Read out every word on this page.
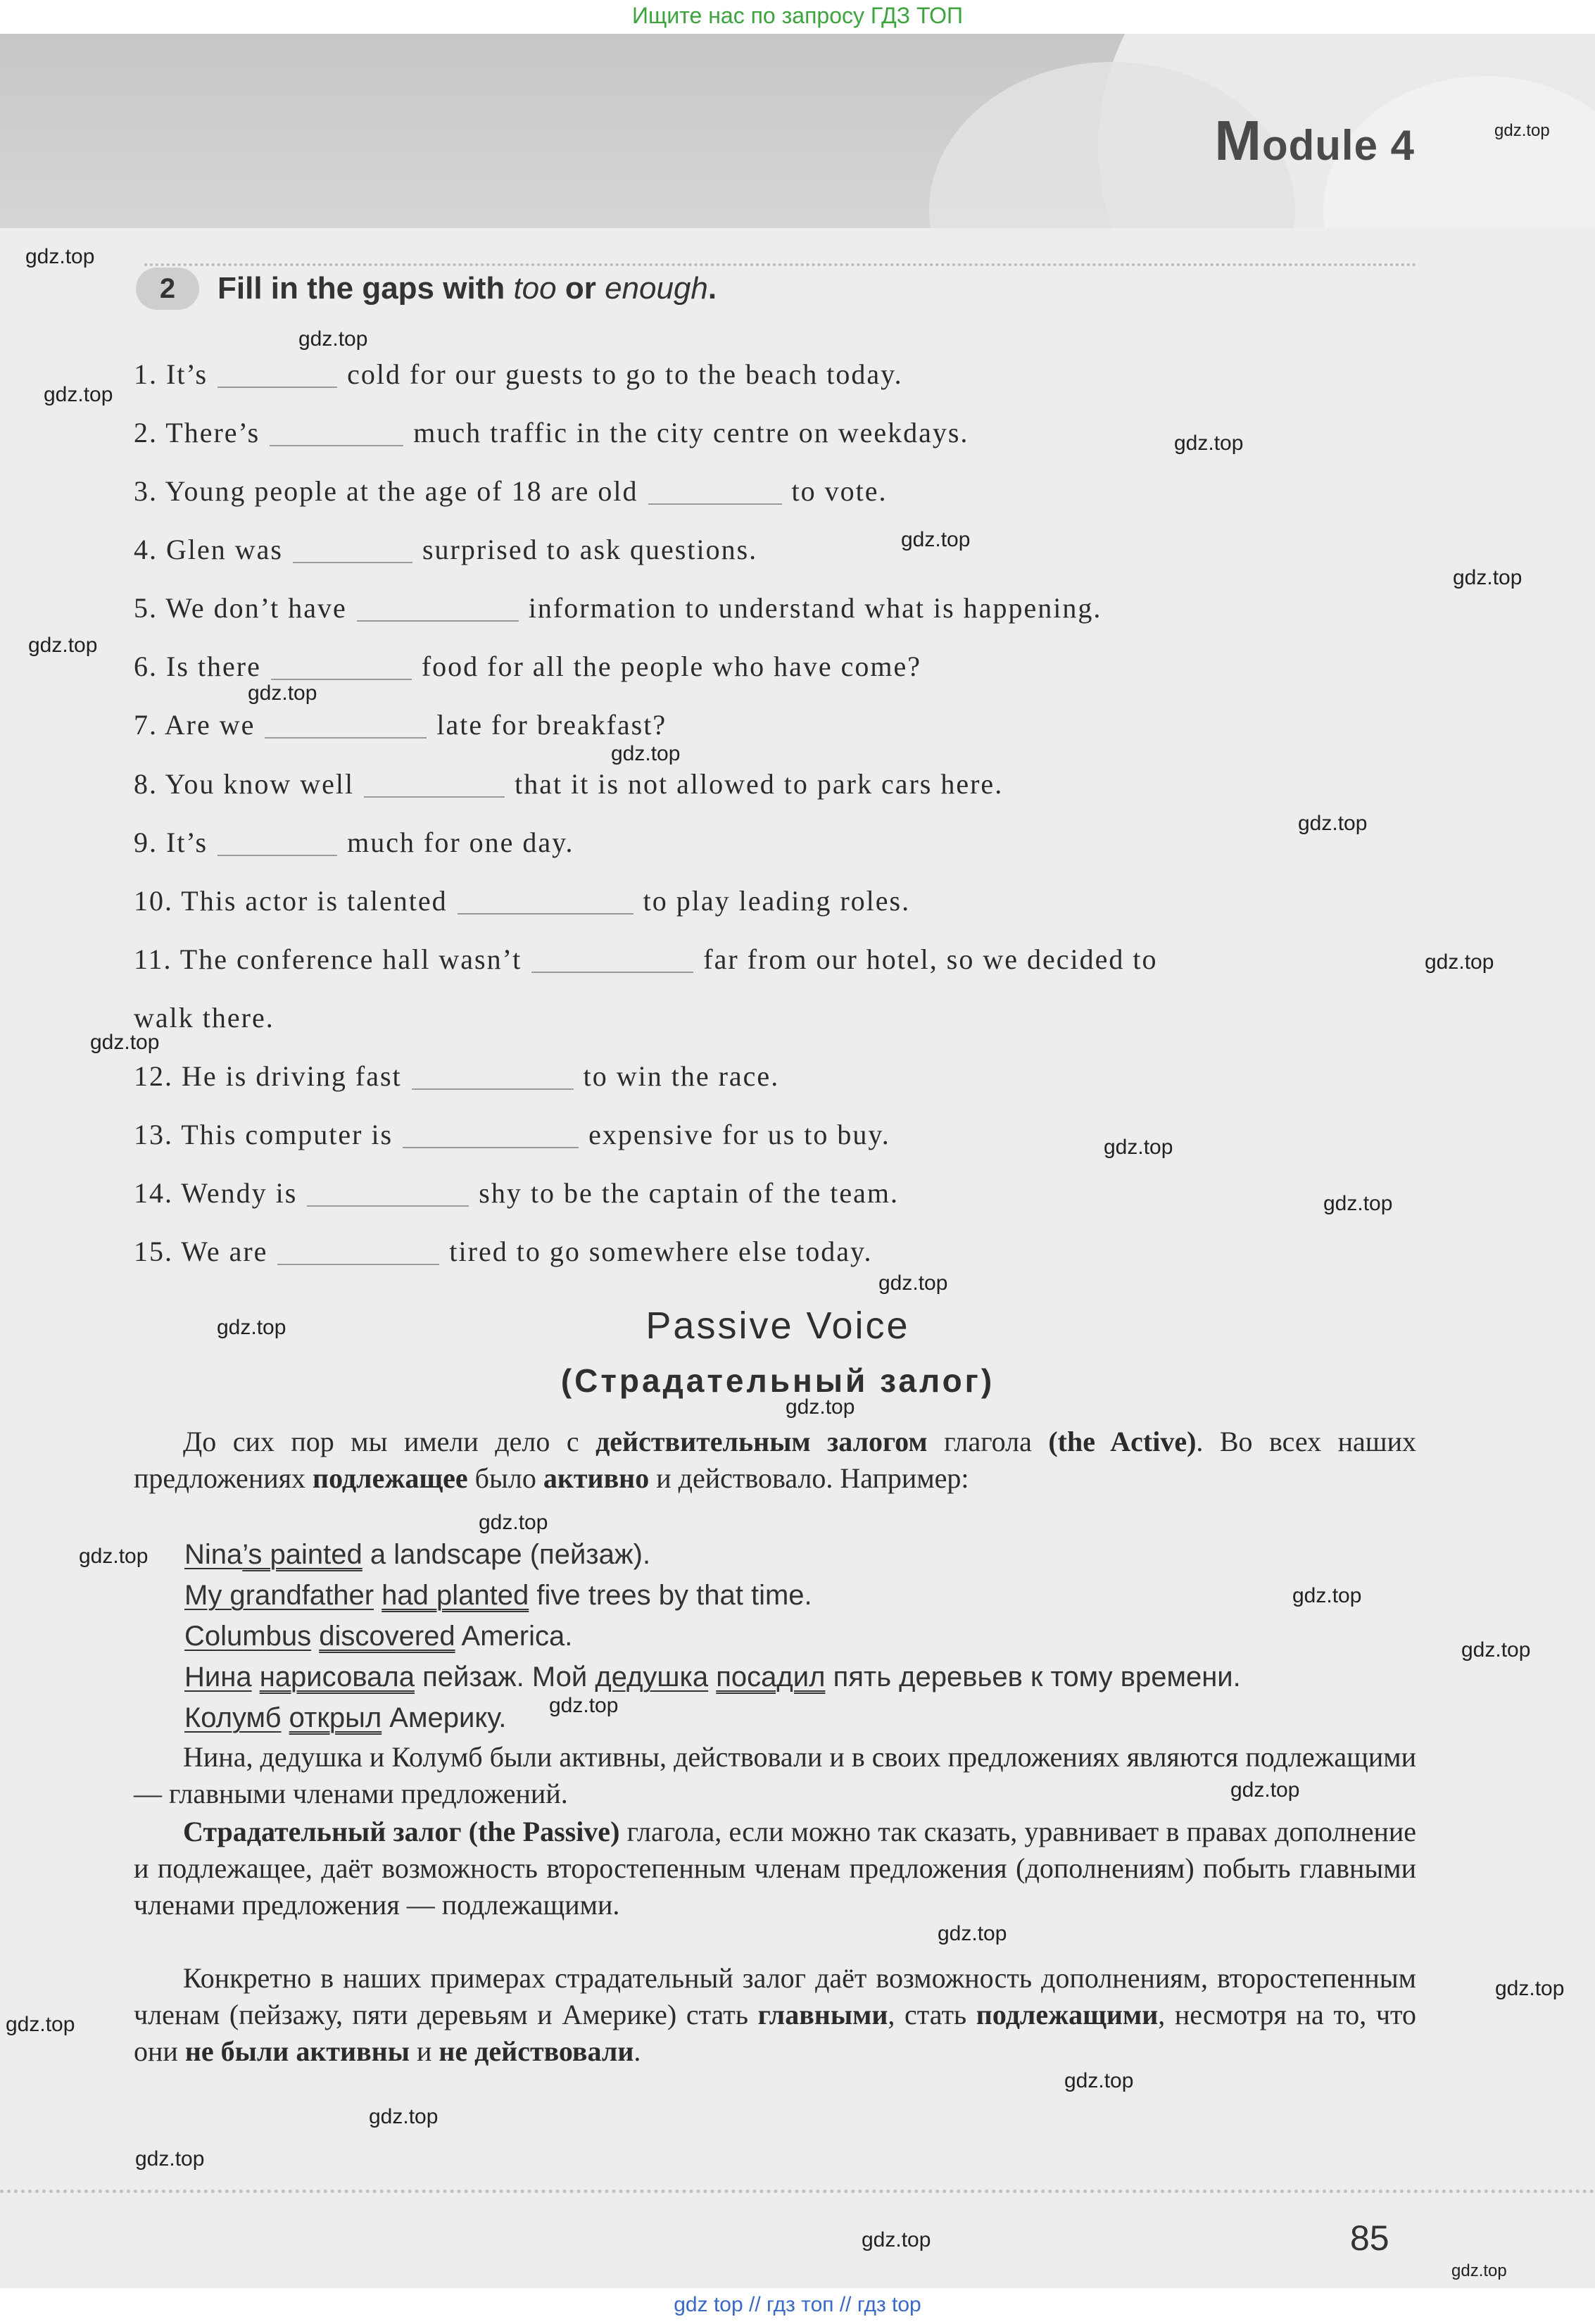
Ищите нас по запросу ГДЗ ТОП
Module 4
2	Fill in the gaps with too or enough.
1. It’s	cold for our guests to go to the beach today.
2. There’s	much traffic in the city centre on weekdays.
3. Young people at the age of 18 are old	to vote.
4. Glen was	surprised to ask questions.
5. We don’t have	information to understand what is happening.
6. Is there	food for all the people who have come?
7. Are we	late for breakfast?
8. You know well	that it is not allowed to park cars here.
9. It’s	much for one day.
10. This actor is talented	to play leading roles.
11. The conference hall wasn’t	far from our hotel, so we decided to
walk there.
12. He is driving fast	to win the race.
13. This computer is	expensive for us to buy.
14. Wendy is	shy to be the captain of the team.
15. We are	tired to go somewhere else today.
Passive Voice
(Страдательный залог)
До сих пор мы имели дело с действительным залогом глагола (the Active). Во всех наших предложениях подлежащее было активно и действовало. Например:
Nina’s painted a landscape (пейзаж).
My grandfather had planted five trees by that time.
Columbus discovered America.
Нина нарисовала пейзаж. Мой дедушка посадил пять деревьев к тому времени.
Колумб открыл Америку.
Нина, дедушка и Колумб были активны, действовали и в своих предложениях являются подлежащими — главными членами предложений.
Страдательный залог (the Passive) глагола, если можно так сказать, уравнивает в правах дополнение и подлежащее, даёт возможность второстепенным членам предложения (дополнениям) побыть главными членами предложения — подлежащими.
Конкретно в наших примерах страдательный залог даёт возможность дополнениям, второстепенным членам (пейзажу, пяти деревьям и Америке) стать главными, стать подлежащими, несмотря на то, что они не были активны и не действовали.
85
gdz top // гдз топ // гдз top
gdz.top
gdz.top
gdz.top
gdz.top
gdz.top
gdz.top
gdz.top
gdz.top
gdz.top
gdz.top
gdz.top
gdz.top
gdz.top
gdz.top
gdz.top
gdz.top
gdz.top
gdz.top
gdz.top
gdz.top
gdz.top
gdz.top
gdz.top
gdz.top
gdz.top
gdz.top
gdz.top
gdz.top
gdz.top
gdz.top
gdz.top
gdz.top
